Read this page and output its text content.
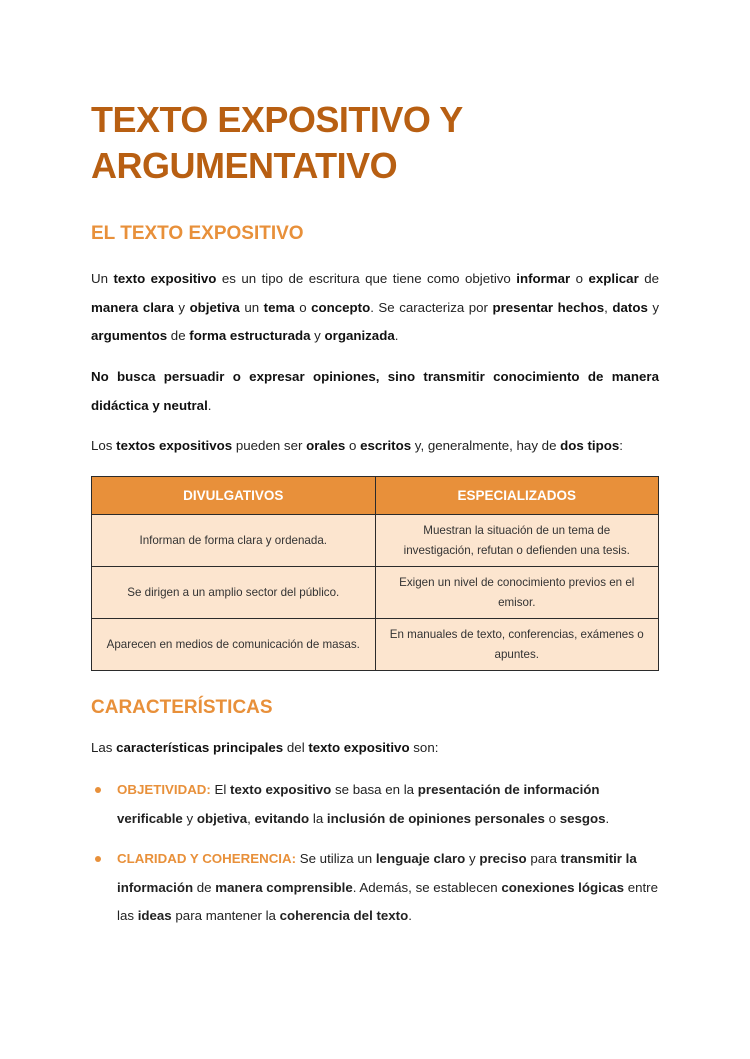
TEXTO EXPOSITIVO Y ARGUMENTATIVO
EL TEXTO EXPOSITIVO

Un texto expositivo es un tipo de escritura que tiene como objetivo informar o explicar de manera clara y objetiva un tema o concepto. Se caracteriza por presentar hechos, datos y argumentos de forma estructurada y organizada.

No busca persuadir o expresar opiniones, sino transmitir conocimiento de manera didáctica y neutral.

Los textos expositivos pueden ser orales o escritos y, generalmente, hay de dos tipos:

DIVULGATIVOS	ESPECIALIZADOS
Informan de forma clara y ordenada.	Muestran la situación de un tema de investigación, refutan o defienden una tesis.
Se dirigen a un amplio sector del público.	Exigen un nivel de conocimiento previos en el emisor.
Aparecen en medios de comunicación de masas.	En manuales de texto, conferencias, exámenes o apuntes.
CARACTERÍSTICAS

Las características principales del texto expositivo son:

OBJETIVIDAD: El texto expositivo se basa en la presentación de información verificable y objetiva, evitando la inclusión de opiniones personales o sesgos.
CLARIDAD Y COHERENCIA: Se utiliza un lenguaje claro y preciso para transmitir la información de manera comprensible. Además, se establecen conexiones lógicas entre las ideas para mantener la coherencia del texto.
